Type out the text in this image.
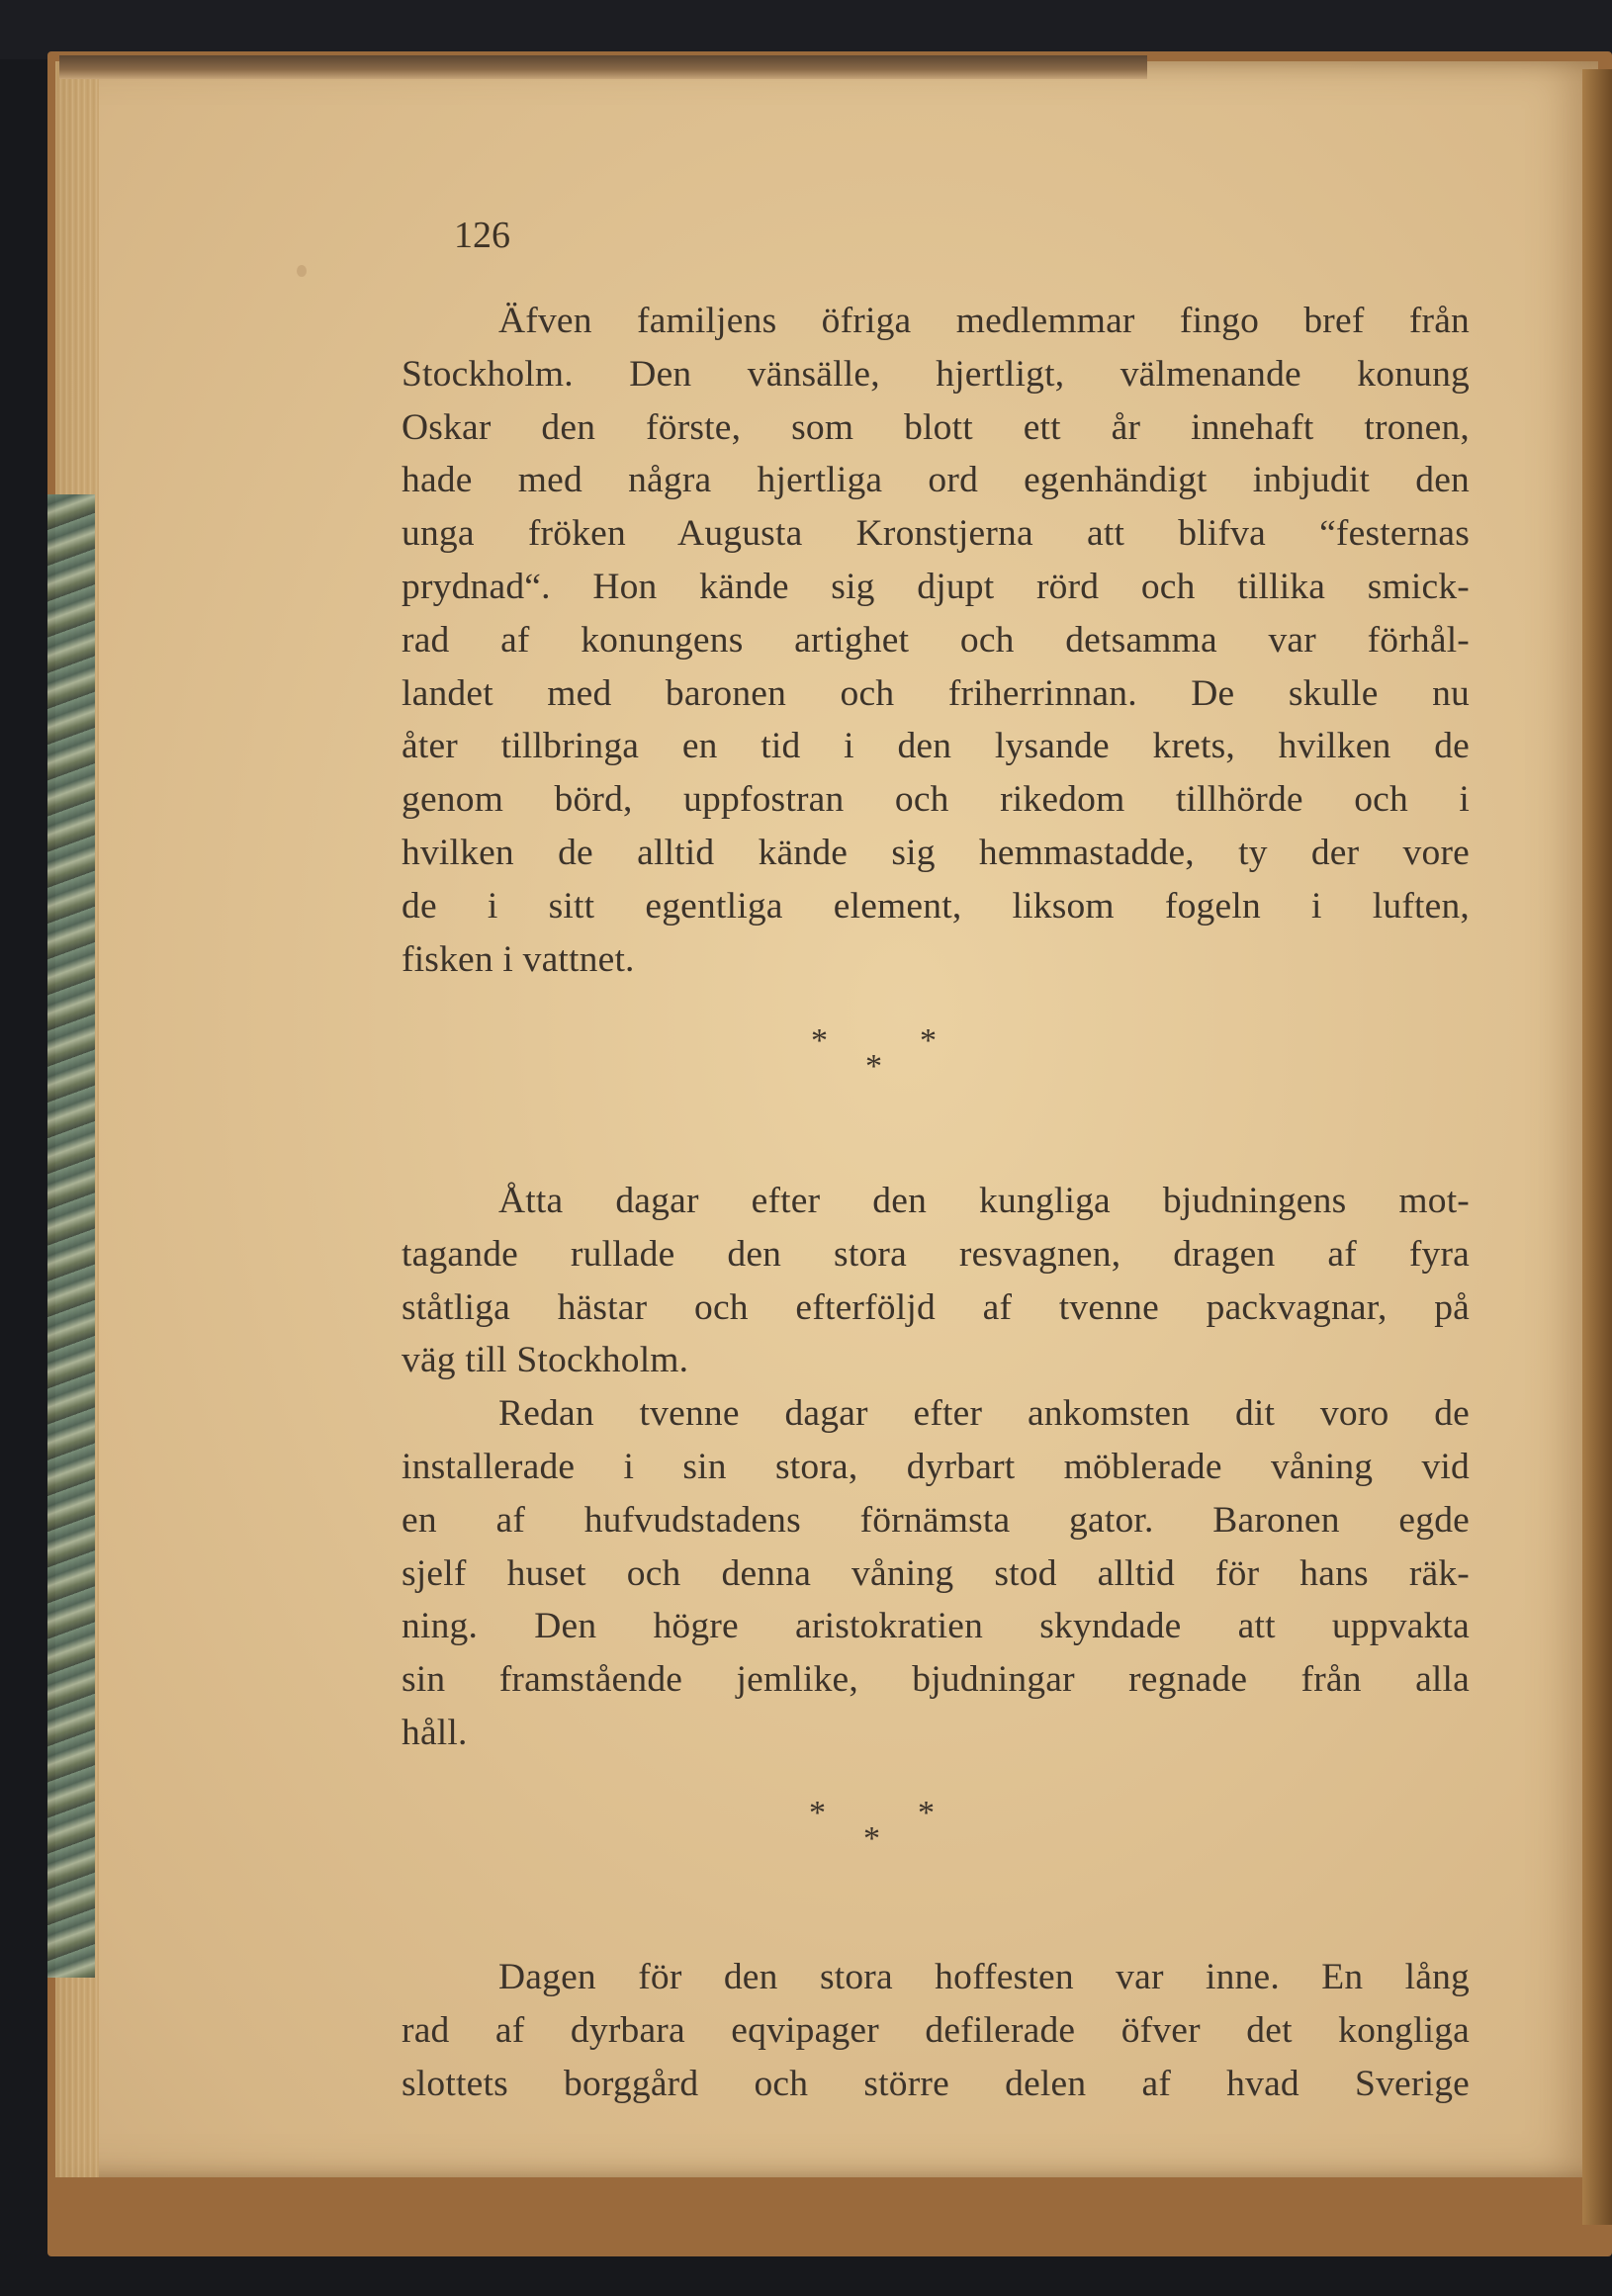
126
Äfven familjens öfriga medlemmar fingo bref från
Stockholm. Den vänsälle, hjertligt, välmenande konung
Oskar den förste, som blott ett år innehaft tronen,
hade med några hjertliga ord egenhändigt inbjudit den
unga fröken Augusta Kronstjerna att blifva “festernas
prydnad“. Hon kände sig djupt rörd och tillika smick-
rad af konungens artighet och detsamma var förhål-
landet med baronen och friherrinnan. De skulle nu
åter tillbringa en tid i den lysande krets, hvilken de
genom börd, uppfostran och rikedom tillhörde och i
hvilken de alltid kände sig hemmastadde, ty der vore
de i sitt egentliga element, liksom fogeln i luften,
fisken i vattnet.
*	*
*
Åtta dagar efter den kungliga bjudningens mot-
tagande rullade den stora resvagnen, dragen af fyra
ståtliga hästar och efterföljd af tvenne packvagnar, på
väg till Stockholm.
Redan tvenne dagar efter ankomsten dit voro de
installerade i sin stora, dyrbart möblerade våning vid
en af hufvudstadens förnämsta gator. Baronen egde
sjelf huset och denna våning stod alltid för hans räk-
ning. Den högre aristokratien skyndade att uppvakta
sin framstående jemlike, bjudningar regnade från alla
håll.
*	*
*
Dagen för den stora hoffesten var inne. En lång
rad af dyrbara eqvipager defilerade öfver det kongliga
slottets borggård och större delen af hvad Sverige
